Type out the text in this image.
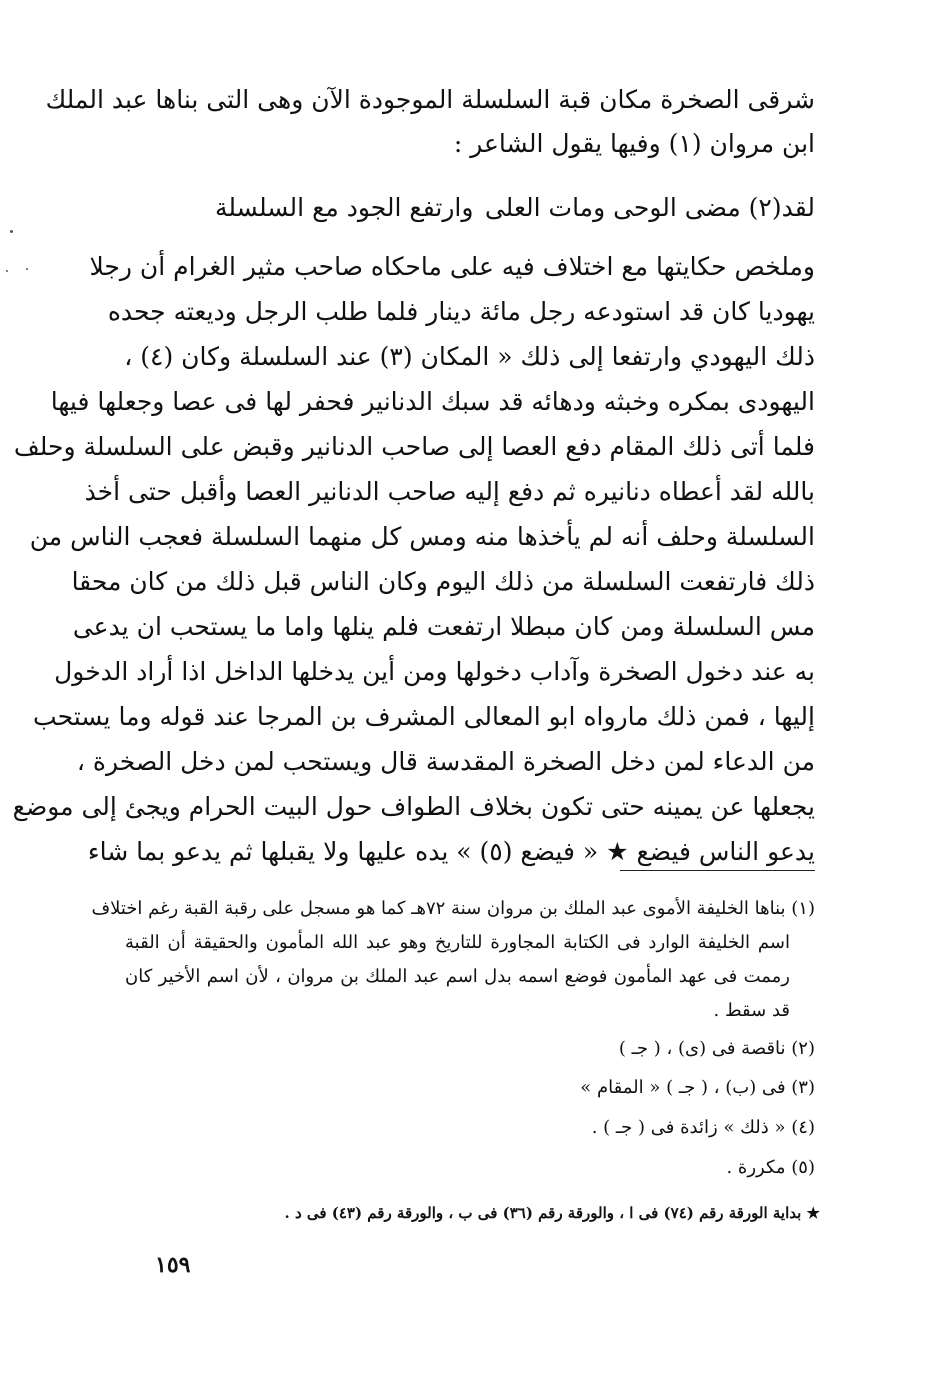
شرقى الصخرة مكان قبة السلسلة الموجودة الآن وهى التى بناها عبد الملك
ابن مروان (١) وفيها يقول الشاعر :
لقد(٢) مضى الوحى ومات العلى
وارتفع الجود مع السلسلة
وملخص حكايتها مع اختلاف فيه على ماحكاه صاحب مثير الغرام أن رجلا
يهوديا كان قد استودعه رجل مائة دينار فلما طلب الرجل وديعته جحده
ذلك اليهودي وارتفعا إلى ذلك « المكان (٣) عند السلسلة وكان (٤) ،
اليهودى بمكره وخبثه ودهائه قد سبك الدنانير فحفر لها فى عصا وجعلها فيها
فلما أتى ذلك المقام دفع العصا إلى صاحب الدنانير وقبض على السلسلة وحلف
بالله لقد أعطاه دنانيره ثم دفع إليه صاحب الدنانير العصا وأقبل حتى أخذ
السلسلة وحلف أنه لم يأخذها منه ومس كل منهما السلسلة فعجب الناس من
ذلك فارتفعت السلسلة من ذلك اليوم وكان الناس قبل ذلك من كان محقا
مس السلسلة ومن كان مبطلا ارتفعت فلم ينلها واما ما يستحب ان يدعى
به عند دخول الصخرة وآداب دخولها ومن أين يدخلها الداخل اذا أراد الدخول
إليها ، فمن ذلك مارواه ابو المعالى المشرف بن المرجا عند قوله وما يستحب
من الدعاء لمن دخل الصخرة المقدسة قال ويستحب لمن دخل الصخرة ،
يجعلها عن يمينه حتى تكون بخلاف الطواف حول البيت الحرام ويجئ إلى موضع
يدعو الناس فيضع ★ « فيضع (٥) » يده عليها ولا يقبلها ثم يدعو بما شاء
(١) بناها الخليفة الأموى عبد الملك بن مروان سنة ٧٢هـ كما هو مسجل على رقبة القبة رغم اختلاف
اسم الخليفة الوارد فى الكتابة المجاورة للتاريخ وهو عبد الله المأمون والحقيقة أن القبة
رممت فى عهد المأمون فوضع اسمه بدل اسم عبد الملك بن مروان ، لأن اسم الأخير كان
قد سقط .
(٢) ناقصة فى (ى) ، ( جـ )
(٣) فى (ب) ، ( جـ ) « المقام »
(٤) « ذلك » زائدة فى ( جـ ) .
(٥) مكررة .
★ بداية الورقة رقم (٧٤) فى ا ، والورقة رقم (٣٦) فى ب ، والورقة رقم (٤٣) فى د .
١٥٩
